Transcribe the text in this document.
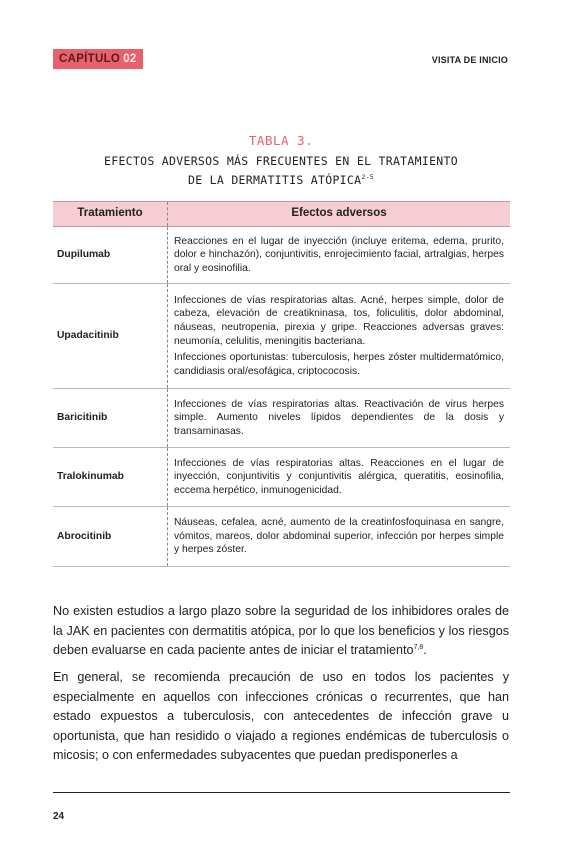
CAPÍTULO 02	VISITA DE INICIO
TABLA 3.
EFECTOS ADVERSOS MÁS FRECUENTES EN EL TRATAMIENTO
DE LA DERMATITIS ATÓPICA$^{2-5}$
Tratamiento	Efectos adversos
Dupilumab	Reacciones en el lugar de inyección (incluye eritema, edema, prurito, dolor e hinchazón), conjuntivitis, enrojecimiento facial, artralgias, herpes oral y eosinofilia.

Upadacitinib	Infecciones de vías respiratorias altas. Acné, herpes simple, dolor de cabeza, elevación de creatikninasa, tos, foliculitis, dolor abdominal, náuseas, neutropenia, pirexia y gripe. Reacciones adversas graves: neumonía, celulitis, meningitis bacteriana.

Infecciones oportunistas: tuberculosis, herpes zóster multidermatómico, candidiasis oral/esofágica, criptococosis.

Baricitinib	Infecciones de vías respiratorias altas. Reactivación de virus herpes simple. Aumento niveles lípidos dependientes de la dosis y transaminasas.

Tralokinumab	Infecciones de vías respiratorias altas. Reacciones en el lugar de inyección, conjuntivitis y conjuntivitis alérgica, queratitis, eosinofilia, eccema herpético, inmunogenicidad.

Abrocitinib	Náuseas, cefalea, acné, aumento de la creatinfosfoquinasa en sangre, vómitos, mareos, dolor abdominal superior, infección por herpes simple y herpes zóster.

No existen estudios a largo plazo sobre la seguridad de los inhibidores orales de la JAK en pacientes con dermatitis atópica, por lo que los beneficios y los riesgos deben evaluarse en cada paciente antes de iniciar el tratamiento$^{7,8}$.
En general, se recomienda precaución de uso en todos los pacientes y especialmente en aquellos con infecciones crónicas o recurrentes, que han estado expuestos a tuberculosis, con antecedentes de infección grave u oportunista, que han residido o viajado a regiones endémicas de tuberculosis o micosis; o con enfermedades subyacentes que puedan predisponerles a
24
